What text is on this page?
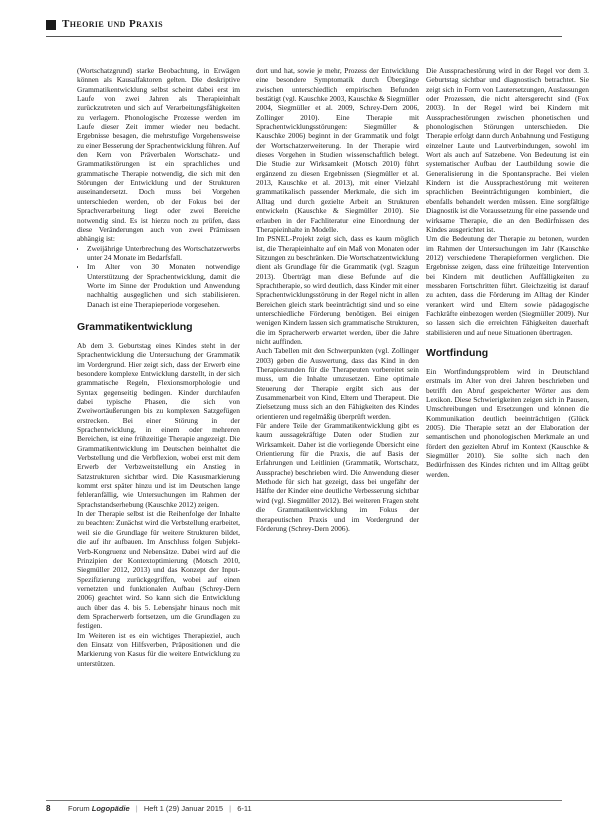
Theorie und Praxis

(Wortschatzgrund) starke Beobachtung, in Erwägen können als Kausalfaktoren gelten. Die deskriptive Grammatikentwicklung selbst scheint dabei erst im Laufe von zwei Jahren als Therapieinhalt zurückzutreten und sich auf Verarbeitungsfähigkeiten zu verlagern. Phonologische Prozesse werden im Laufe dieser Zeit immer wieder neu bedacht. Ergebnisse besagen, die mehrstufige Vorgehensweise zu einer Besserung der Sprachentwicklung führen. Auf den Kern von Präverbalen Wortschatz- und Grammatikstörungen ist ein sprachliches und grammatische Therapie notwendig, die sich mit den Störungen der Entwicklung und der Strukturen auseinandersetzt. Doch muss bei Vorgehen unterschieden werden, ob der Fokus bei der Sprachverarbeitung liegt oder zwei Bereiche notwendig sind. Es ist hierzu noch zu prüfen, dass diese Veränderungen auch von zwei Prämissen abhängig ist:

• Zweijährige Unterbrechung des Wortschatzerwerbs unter 24 Monate im Bedarfsfall.
• Im Alter von 30 Monaten notwendige Unterstützung der Sprachentwicklung, damit die Worte im Sinne der Produktion und Anwendung nachhaltig ausgeglichen und sich stabilisieren. Danach ist eine Therapieperiode vorgesehen.
Grammatikentwicklung

Ab dem 3. Geburtstag eines Kindes steht in der Sprachentwicklung die Untersuchung der Grammatik im Vordergrund. Hier zeigt sich, dass der Erwerb eine besondere komplexe Entwicklung darstellt, in der sich grammatische Regeln, Flexionsmorphologie und Syntax gegenseitig bedingen. Kinder durchlaufen dabei typische Phasen, die sich von Zweiwortäußerungen bis zu komplexen Satzgefügen erstrecken. Bei einer Störung in der Sprachentwicklung, in einem oder mehreren Bereichen, ist eine frühzeitige Therapie angezeigt. Die Grammatikentwicklung im Deutschen beinhaltet die Verbstellung und die Verbflexion, wobei erst mit dem Erwerb der Verbzweitstellung ein Anstieg in Satzstrukturen sichtbar wird. Die Kasusmarkierung kommt erst später hinzu und ist im Deutschen lange fehleranfällig, wie Untersuchungen im Rahmen der Sprachstandserhebung (Kauschke 2012) zeigen.

In der Therapie selbst ist die Reihenfolge der Inhalte zu beachten: Zunächst wird die Verbstellung erarbeitet, weil sie die Grundlage für weitere Strukturen bildet, die auf ihr aufbauen. Im Anschluss folgen Subjekt-Verb-Kongruenz und Nebensätze. Dabei wird auf die Prinzipien der Kontextoptimierung (Motsch 2010, Siegmüller 2012, 2013) und das Konzept der Input-Spezifizierung zurückgegriffen, wobei auf einen vernetzten und funktionalen Aufbau (Schrey-Dern 2006) geachtet wird. So kann sich die Entwicklung auch über das 4. bis 5. Lebensjahr hinaus noch mit dem Spracherwerb fortsetzen, um die Grundlagen zu festigen.

Im Weiteren ist es ein wichtiges Therapieziel, auch den Einsatz von Hilfsverben, Präpositionen und die Markierung von Kasus für die weitere Entwicklung zu unterstützen.

dort und hat, sowie je mehr, Prozess der Entwicklung eine besondere Symptomatik durch Übergänge zwischen unterschiedlich empirischen Befunden bestätigt (vgl. Kauschke 2003, Kauschke & Siegmüller 2004, Siegmüller et al. 2009, Schrey-Dern 2006, Zollinger 2010). Eine Therapie mit Sprachentwicklungsstörungen: Siegmüller & Kauschke 2006) beginnt in der Grammatik und folgt der Wortschatzerweiterung. In der Therapie wird dieses Vorgehen in Studien wissenschaftlich belegt. Die Studie zur Wirksamkeit (Motsch 2010) führt ergänzend zu diesen Ergebnissen (Siegmüller et al. 2013, Kauschke et al. 2013), mit einer Vielzahl grammatikalisch passender Merkmale, die sich im Alltag und durch gezielte Arbeit an Strukturen entwickeln (Kauschke & Siegmüller 2010). Sie erlauben in der Fachliteratur eine Einordnung der Therapieinhalte in Modelle.

Im PSNEL-Projekt zeigt sich, dass es kaum möglich ist, die Therapieinhalte auf ein Maß von Monaten oder Sitzungen zu beschränken. Die Wortschatzentwicklung dient als Grundlage für die Grammatik (vgl. Szagun 2013). Überträgt man diese Befunde auf die Sprachtherapie, so wird deutlich, dass Kinder mit einer Sprachentwicklungsstörung in der Regel nicht in allen Bereichen gleich stark beeinträchtigt sind und so eine unterschiedliche Förderung benötigen. Bei einigen wenigen Kindern lassen sich grammatische Strukturen, die im Spracherwerb erwartet werden, über die Jahre nicht auffinden.

Auch Tabellen mit den Schwerpunkten (vgl. Zollinger 2003) geben die Auswertung, dass das Kind in den Therapiestunden für die Therapeuten vorbereitet sein muss, um die Inhalte umzusetzen. Eine optimale Steuerung der Therapie ergibt sich aus der Zusammenarbeit von Kind, Eltern und Therapeut. Die Zielsetzung muss sich an den Fähigkeiten des Kindes orientieren und regelmäßig überprüft werden.

Für andere Teile der Grammatikentwicklung gibt es kaum aussagekräftige Daten oder Studien zur Wirksamkeit. Daher ist die vorliegende Übersicht eine Orientierung für die Praxis, die auf Basis der Erfahrungen und Leitlinien (Grammatik, Wortschatz, Aussprache) beschrieben wird. Die Anwendung dieser Methode für sich hat gezeigt, dass bei ungefähr der Hälfte der Kinder eine deutliche Verbesserung sichtbar wird (vgl. Siegmüller 2012). Bei weiteren Fragen steht die Grammatikentwicklung im Fokus der therapeutischen Praxis und im Vordergrund der Förderung (Schrey-Dern 2006).

Die Aussprachestörung wird in der Regel vor dem 3. Geburtstag sichtbar und diagnostisch betrachtet. Sie zeigt sich in Form von Lautersetzungen, Auslassungen oder Prozessen, die nicht altersgerecht sind (Fox 2003). In der Regel wird bei Kindern mit Aussprachestörungen zwischen phonetischen und phonologischen Störungen unterschieden. Die Therapie erfolgt dann durch Anbahnung und Festigung einzelner Laute und Lautverbindungen, sowohl im Wort als auch auf Satzebene. Von Bedeutung ist ein systematischer Aufbau der Lautbildung sowie die Generalisierung in die Spontansprache. Bei vielen Kindern ist die Aussprachestörung mit weiteren sprachlichen Beeinträchtigungen kombiniert, die ebenfalls behandelt werden müssen. Eine sorgfältige Diagnostik ist die Voraussetzung für eine passende und wirksame Therapie, die an den Bedürfnissen des Kindes ausgerichtet ist.

Um die Bedeutung der Therapie zu betonen, wurden im Rahmen der Untersuchungen im Jahr (Kauschke 2012) verschiedene Therapieformen verglichen. Die Ergebnisse zeigen, dass eine frühzeitige Intervention bei Kindern mit deutlichen Auffälligkeiten zu messbaren Fortschritten führt. Gleichzeitig ist darauf zu achten, dass die Förderung im Alltag der Kinder verankert wird und Eltern sowie pädagogische Fachkräfte einbezogen werden (Siegmüller 2009). Nur so lassen sich die erreichten Fähigkeiten dauerhaft stabilisieren und auf neue Situationen übertragen.

Wortfindung

Ein Wortfindungsproblem wird in Deutschland erstmals im Alter von drei Jahren beschrieben und betrifft den Abruf gespeicherter Wörter aus dem Lexikon. Diese Schwierigkeiten zeigen sich in Pausen, Umschreibungen und Ersetzungen und können die Kommunikation deutlich beeinträchtigen (Glück 2005). Die Therapie setzt an der Elaboration der semantischen und phonologischen Merkmale an und fördert den gezielten Abruf im Kontext (Kauschke & Siegmüller 2010). Sie sollte sich nach den Bedürfnissen des Kindes richten und im Alltag geübt werden.

8 Forum Logopädie | Heft 1 (29) Januar 2015 | 6-11
